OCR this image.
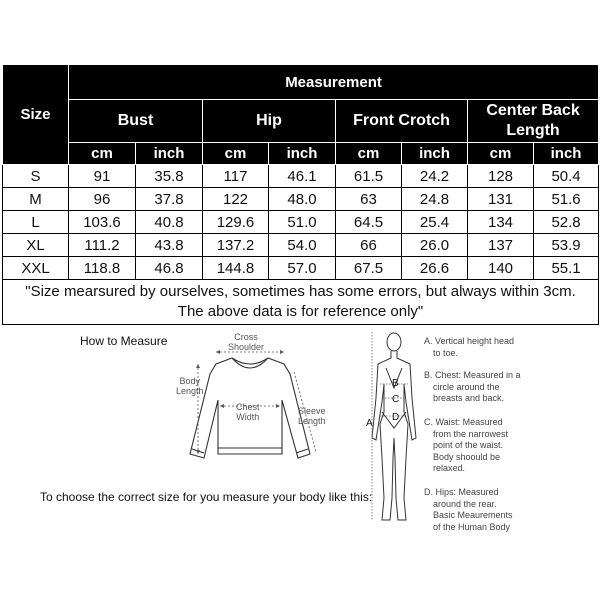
Size	Measurement							
	Bust		Hip		Front Crotch		Center Back Length	
	cm	inch	cm	inch	cm	inch	cm	inch
S	91	35.8	117	46.1	61.5	24.2	128	50.4
M	96	37.8	122	48.0	63	24.8	131	51.6
L	103.6	40.8	129.6	51.0	64.5	25.4	134	52.8
XL	111.2	43.8	137.2	54.0	66	26.0	137	53.9
XXL	118.8	46.8	144.8	57.0	67.5	26.6	140	55.1

"Size mearsured by ourselves, sometimes has some errors, but always within 3cm.
The above data is for reference only"								
How to Measure	Cross
Shoulder
Body
Length
Chest
Width
Sleeve
Length
To choose the correct size for you measure your body like this:
A
B
C
D
A. Vertical height head
to toe.
B. Chest: Measured in a
circle around the
breasts and back.
C. Waist: Measured
from the narrowest
point of the waist.
Body shoould be
relaxed.
D. Hips: Measured
around the rear.
Basic Meaurements
of the Human Body
